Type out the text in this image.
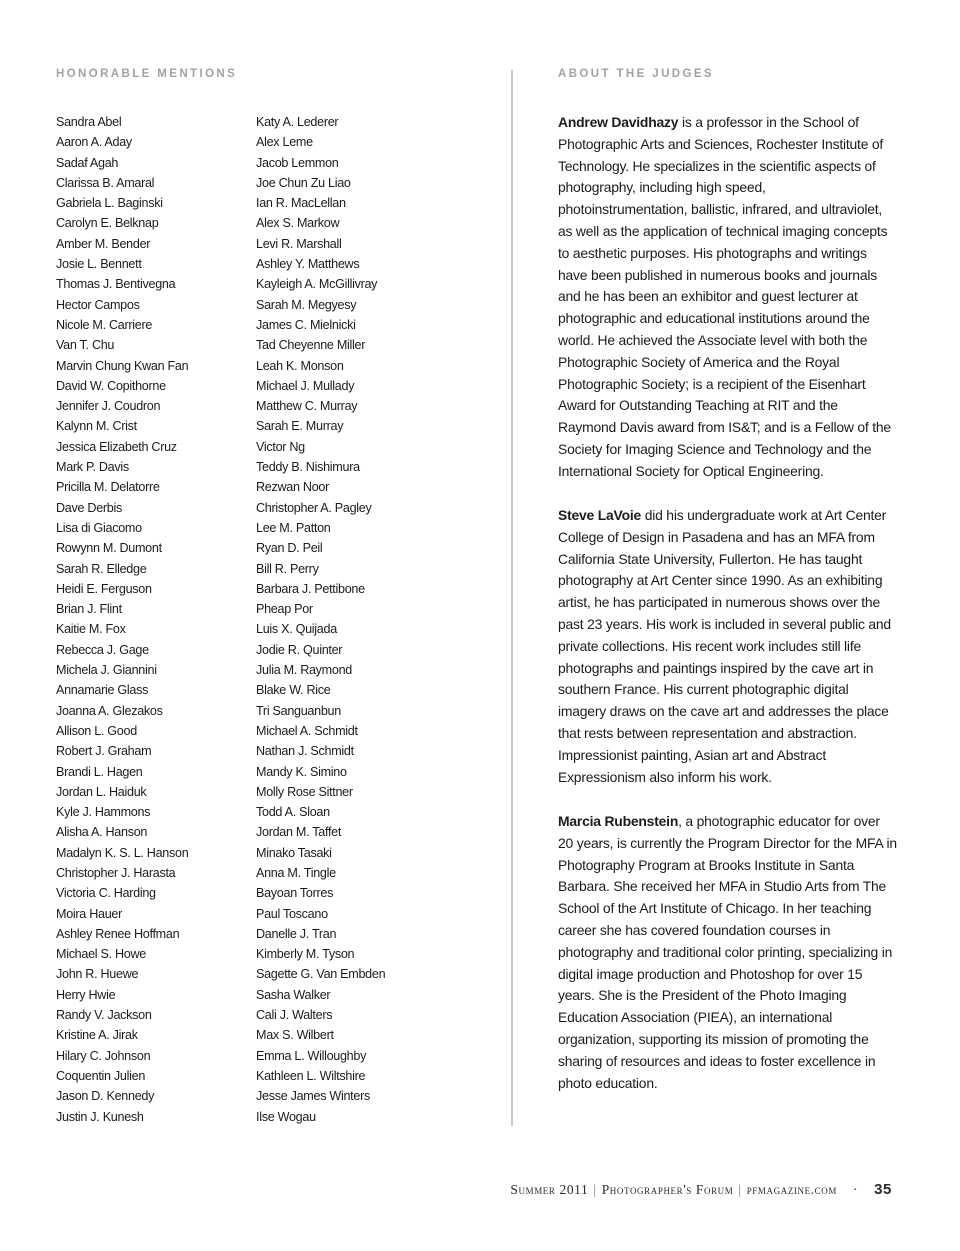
HONORABLE MENTIONS
Sandra Abel
Aaron A. Aday
Sadaf Agah
Clarissa B. Amaral
Gabriela L. Baginski
Carolyn E. Belknap
Amber M. Bender
Josie L. Bennett
Thomas J. Bentivegna
Hector Campos
Nicole M. Carriere
Van T. Chu
Marvin Chung Kwan Fan
David W. Copithorne
Jennifer J. Coudron
Kalynn M. Crist
Jessica Elizabeth Cruz
Mark P. Davis
Pricilla M. Delatorre
Dave Derbis
Lisa di Giacomo
Rowynn M. Dumont
Sarah R. Elledge
Heidi E. Ferguson
Brian J. Flint
Kaitie M. Fox
Rebecca J. Gage
Michela J. Giannini
Annamarie Glass
Joanna A. Glezakos
Allison L. Good
Robert J. Graham
Brandi L. Hagen
Jordan L. Haiduk
Kyle J. Hammons
Alisha A. Hanson
Madalyn K. S. L. Hanson
Christopher J. Harasta
Victoria C. Harding
Moira Hauer
Ashley Renee Hoffman
Michael S. Howe
John R. Huewe
Herry Hwie
Randy V. Jackson
Kristine A. Jirak
Hilary C. Johnson
Coquentin Julien
Jason D. Kennedy
Justin J. Kunesh
Katy A. Lederer
Alex Leme
Jacob Lemmon
Joe Chun Zu Liao
Ian R. MacLellan
Alex S. Markow
Levi R. Marshall
Ashley Y. Matthews
Kayleigh A. McGillivray
Sarah M. Megyesy
James C. Mielnicki
Tad Cheyenne Miller
Leah K. Monson
Michael J. Mullady
Matthew C. Murray
Sarah E. Murray
Victor Ng
Teddy B. Nishimura
Rezwan Noor
Christopher A. Pagley
Lee M. Patton
Ryan D. Peil
Bill R. Perry
Barbara J. Pettibone
Pheap Por
Luis X. Quijada
Jodie R. Quinter
Julia M. Raymond
Blake W. Rice
Tri Sanguanbun
Michael A. Schmidt
Nathan J. Schmidt
Mandy K. Simino
Molly Rose Sittner
Todd A. Sloan
Jordan M. Taffet
Minako Tasaki
Anna M. Tingle
Bayoan Torres
Paul Toscano
Danelle J. Tran
Kimberly M. Tyson
Sagette G. Van Embden
Sasha Walker
Cali J. Walters
Max S. Wilbert
Emma L. Willoughby
Kathleen L. Wiltshire
Jesse James Winters
Ilse Wogau
ABOUT THE JUDGES

Andrew Davidhazy is a professor in the School of Photographic Arts and Sciences, Rochester Institute of Technology. He specializes in the scientific aspects of photography, including high speed, photoinstrumentation, ballistic, infrared, and ultraviolet, as well as the application of technical imaging concepts to aesthetic purposes. His photographs and writings have been published in numerous books and journals and he has been an exhibitor and guest lecturer at photographic and educational institutions around the world. He achieved the Associate level with both the Photographic Society of America and the Royal Photographic Society; is a recipient of the Eisenhart Award for Outstanding Teaching at RIT and the Raymond Davis award from IS&T; and is a Fellow of the Society for Imaging Science and Technology and the International Society for Optical Engineering.

Steve LaVoie did his undergraduate work at Art Center College of Design in Pasadena and has an MFA from California State University, Fullerton. He has taught photography at Art Center since 1990. As an exhibiting artist, he has participated in numerous shows over the past 23 years. His work is included in several public and private collections. His recent work includes still life photographs and paintings inspired by the cave art in southern France. His current photographic digital imagery draws on the cave art and addresses the place that rests between representation and abstraction. Impressionist painting, Asian art and Abstract Expressionism also inform his work.

Marcia Rubenstein, a photographic educator for over 20 years, is currently the Program Director for the MFA in Photography Program at Brooks Institute in Santa Barbara. She received her MFA in Studio Arts from The School of the Art Institute of Chicago. In her teaching career she has covered foundation courses in photography and traditional color printing, specializing in digital image production and Photoshop for over 15 years. She is the President of the Photo Imaging Education Association (PIEA), an international organization, supporting its mission of promoting the sharing of resources and ideas to foster excellence in photo education.

Summer 2011 | Photographer's Forum | pfmagazine.com · 35
